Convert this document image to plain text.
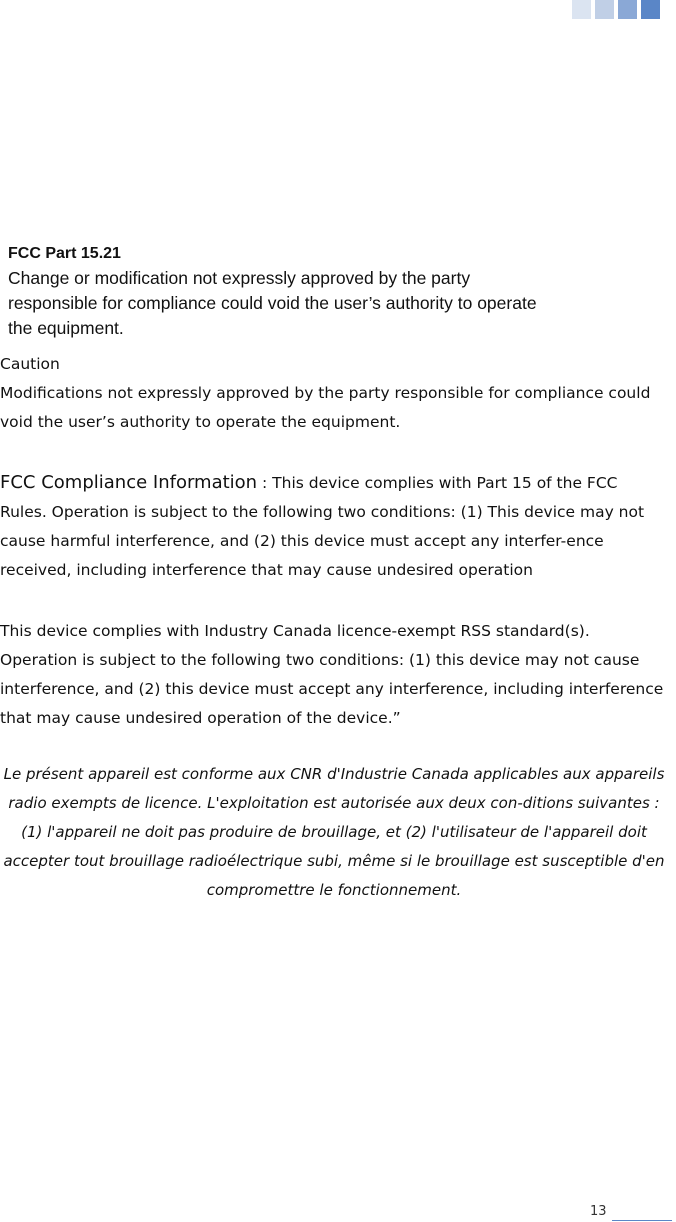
FCC Part 15.21

Change or modification not expressly approved by the party responsible for compliance could void the user’s authority to operate the equipment.

Caution

Modifications not expressly approved by the party responsible for compliance could void the user’s authority to operate the equipment.

FCC Compliance Information : This device complies with Part 15 of the FCC Rules. Operation is subject to the following two conditions: (1) This device may not cause harmful interference, and (2) this device must accept any interfer-ence received, including interference that may cause undesired operation

This device complies with Industry Canada licence-exempt RSS standard(s). Operation is subject to the following two conditions: (1) this device may not cause interference, and (2) this device must accept any interference, including interference that may cause undesired operation of the device.”

Le présent appareil est conforme aux CNR d'Industrie Canada applicables aux appareils radio exempts de licence. L'exploitation est autorisée aux deux con-ditions suivantes : (1) l'appareil ne doit pas produire de brouillage, et (2) l'utilisateur de l'appareil doit accepter tout brouillage radioélectrique subi, même si le brouillage est susceptible d'en compromettre le fonctionnement.

13
